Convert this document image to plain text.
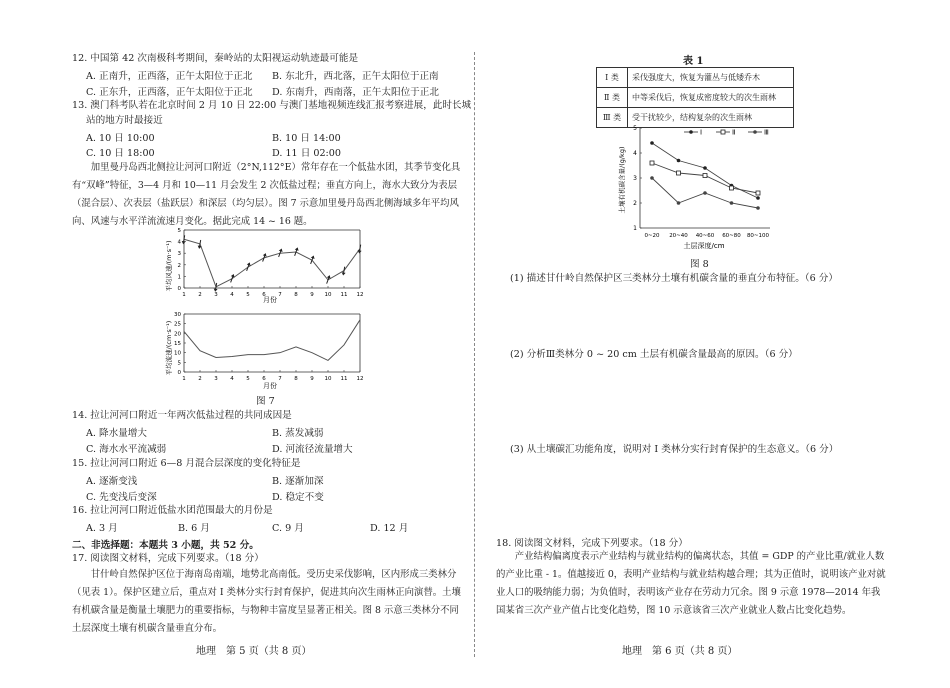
12. 中国第 42 次南极科考期间，秦岭站的太阳视运动轨迹最可能是
A. 正南升，正西落，正午太阳位于正北 B. 东北升，西北落，正午太阳位于正南
C. 正东升，正西落，正午太阳位于正北 D. 东南升，西南落，正午太阳位于正北
13. 澳门科考队若在北京时间 2 月 10 日 22:00 与澳门基地视频连线汇报考察进展，此时长城
站的地方时最接近
A. 10 日 10:00	B. 10 日 14:00
C. 10 日 18:00	D. 11 日 02:00
加里曼丹岛西北侧拉让河河口附近（2°N,112°E）常年存在一个低盐水团，其季节变化具有“双峰”特征，3—4 月和 10—11 月会发生 2 次低盐过程；垂直方向上，海水大致分为表层（混合层）、次表层（盐跃层）和深层（均匀层）。图 7 示意加里曼丹岛西北侧海域多年平均风向、风速与水平洋流流速月变化。据此完成 14 ~ 16 题。
0
1
2
3
4
5
1 2 3 4 5 6 7 8 9 10 11 12
平均风速/(m·s⁻¹)
月份
0
5
10
15
20
25
30
1 2 3 4 5 6 7 8 9 10 11 12
平均流速/(cm·s⁻¹)
月份
图 7
14. 拉让河河口附近一年两次低盐过程的共同成因是
A. 降水量增大	B. 蒸发减弱
C. 海水水平流减弱	D. 河流径流量增大
15. 拉让河河口附近 6—8 月混合层深度的变化特征是
A. 逐渐变浅	B. 逐渐加深
C. 先变浅后变深	D. 稳定不变
16. 拉让河河口附近低盐水团范围最大的月份是
A. 3 月	B. 6 月	C. 9 月	D. 12 月
二、非选择题：本题共 3 小题，共 52 分。
17. 阅读图文材料，完成下列要求。（18 分）
甘什岭自然保护区位于海南岛南端，地势北高南低。受历史采伐影响，区内形成三类林分（见表 1）。保护区建立后，重点对 Ⅰ 类林分实行封育保护，促进其向次生雨林正向演替。土壤有机碳含量是衡量土壤肥力的重要指标，与物种丰富度呈显著正相关。图 8 示意三类林分不同土层深度土壤有机碳含量垂直分布。
地理　第 5 页（共 8 页）
表 1
Ⅰ 类	采伐强度大，恢复为灌丛与低矮乔木
Ⅱ 类	中等采伐后，恢复成密度较大的次生雨林
Ⅲ 类	受干扰较少，结构复杂的次生雨林
1
2
3
4
5
0~20 20~40 40~60 60~80 80~100
Ⅰ	Ⅱ	Ⅲ
土壤有机碳含量/(g/kg)
土层深度/cm
图 8
(1) 描述甘什岭自然保护区三类林分土壤有机碳含量的垂直分布特征。（6 分）
(2) 分析Ⅲ类林分 0 ~ 20 cm 土层有机碳含量最高的原因。（6 分）
(3) 从土壤碳汇功能角度，说明对 Ⅰ 类林分实行封育保护的生态意义。（6 分）
18. 阅读图文材料，完成下列要求。（18 分）
产业结构偏离度表示产业结构与就业结构的偏离状态，其值 = GDP 的产业比重/就业人数的产业比重 - 1。值越接近 0，表明产业结构与就业结构越合理；其为正值时，说明该产业对就业人口的吸纳能力弱；为负值时，表明该产业存在劳动力冗余。图 9 示意 1978—2014 年我国某省三次产业产值占比变化趋势，图 10 示意该省三次产业就业人数占比变化趋势。
地理　第 6 页（共 8 页）
